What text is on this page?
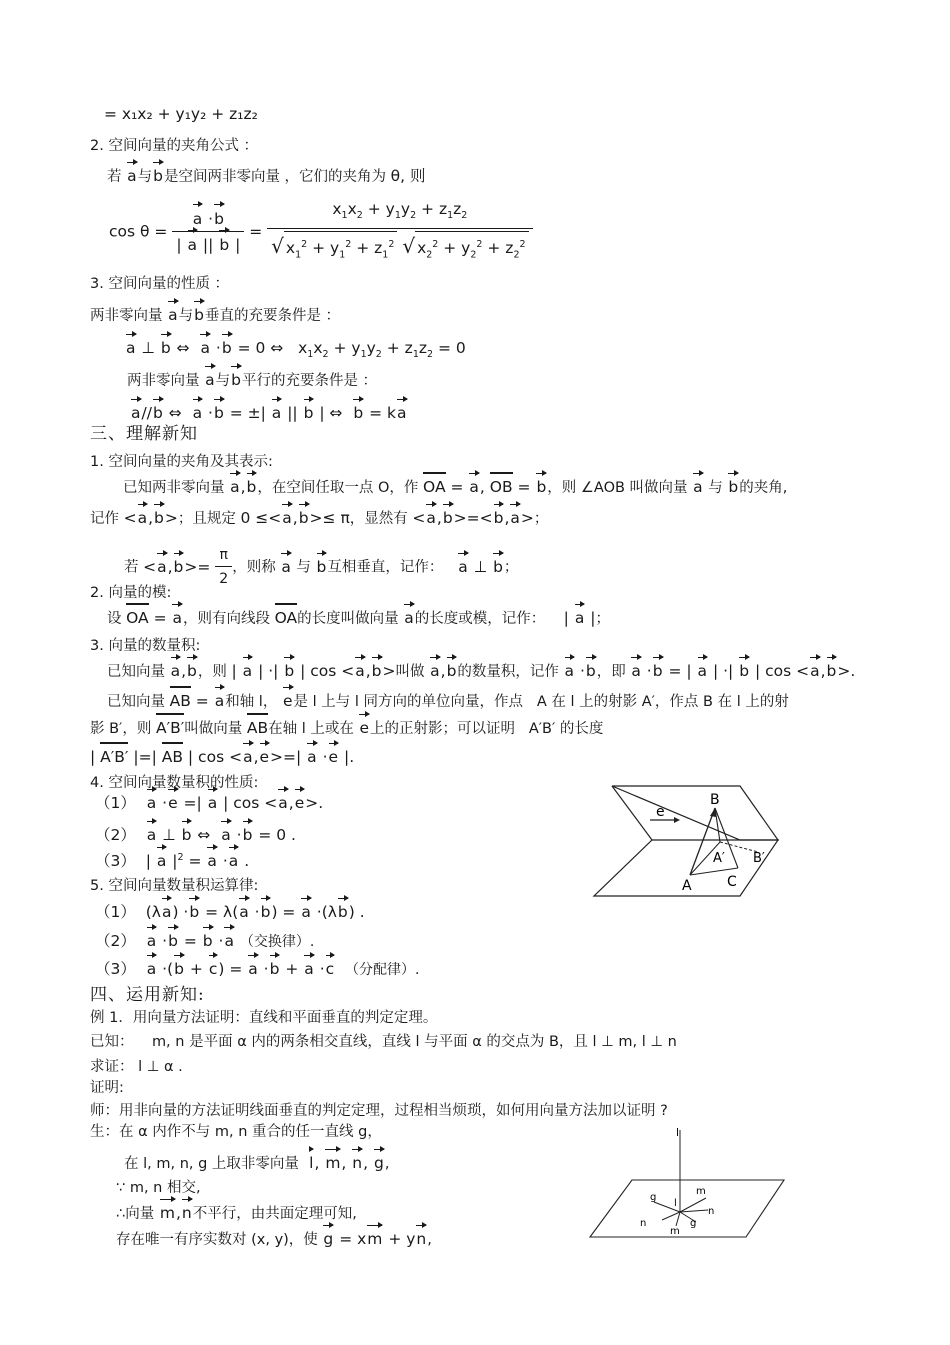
= x₁x₂ + y₁y₂ + z₁z₂
2. 空间向量的夹角公式 ：
若 a与b是空间两非零向量 ，它们的夹角为 θ, 则
$\cos \theta = \frac{a \cdot b}{| a || b |} = \frac{x_1x_2 + y_1y_2 + z_1z_2}{√ x_1^2 + y_1^2 + z_1^2 √ x_2^2 + y_2^2 + z_2^2}$
3. 空间向量的性质 ：
两非零向量 a与b垂直的充要条件是 ：
a ⊥ b ⇔  a ·b = 0 ⇔   $x_1x_2 + y_1y_2 + z_1z_2 = 0$
两非零向量 a与b平行的充要条件是 ：
a//b ⇔  a ·b = ±| a || b | ⇔  b = ka
三、理解新知
1. 空间向量的夹角及其表示:
已知两非零向量 a,b，在空间任取一点 O，作 OA = a, OB = b，则 ∠AOB 叫做向量 a 与 b的夹角,
记作 <a,b>；且规定 0 ≤<a,b>≤ π，显然有 <a,b>=<b,a>；
若 $<a,b>= \frac{\pi}{2}$ ，则称 a 与 b互相垂直，记作： a ⊥ b；
2. 向量的模:
设 OA = a，则有向线段 OA的长度叫做向量 a的长度或模，记作： | a |；
3. 向量的数量积:
已知向量 a,b，则 | a | ·| b | cos <a,b>叫做 a,b的数量积，记作 a ·b，即 a ·b = | a | ·| b | cos <a,b>.
已知向量 AB = a和轴 l， e是 l 上与 l 同方向的单位向量，作点 A 在 l 上的射影 A′，作点 B 在 l 上的射
影 B′，则 A′B′叫做向量 AB在轴 l 上或在 e上的正射影；可以证明 A′B′ 的长度
| A′B′ |=| AB | cos <a,e>=| a ·e |.
4. 空间向量数量积的性质:
（1）  a ·e =| a | cos <a,e>.
（2）  a ⊥ b ⇔  a ·b = 0 .
（3）  | a $|^2 = a \cdot a$ .
5. 空间向量数量积运算律:
（1）  (λa) ·b = λ(a ·b) = a ·(λb) .
（2）  a ·b = b ·a （交换律）.
（3）  a ·(b + c) = a ·b + a ·c （分配律）.
四、运用新知:
例 1．用向量方法证明：直线和平面垂直的判定定理。
已知： m, n 是平面 α 内的两条相交直线，直线 l 与平面 α 的交点为 B，且 l ⊥ m, l ⊥ n
求证： l ⊥ α .
证明:
师：用非向量的方法证明线面垂直的判定定理，过程相当烦琐，如何用向量方法加以证明 ?
生：在 α 内作不与 m, n 重合的任一直线 g，
在 l, m, n, g 上取非零向量 l, m, n, g,
∵ m, n 相交,
∴向量 m,n不平行，由共面定理可知,
存在唯一有序实数对 (x, y)，使 g = xm + yn,
e
B
A′ B′
A	C
l
m
g
l
n
n
g
m
